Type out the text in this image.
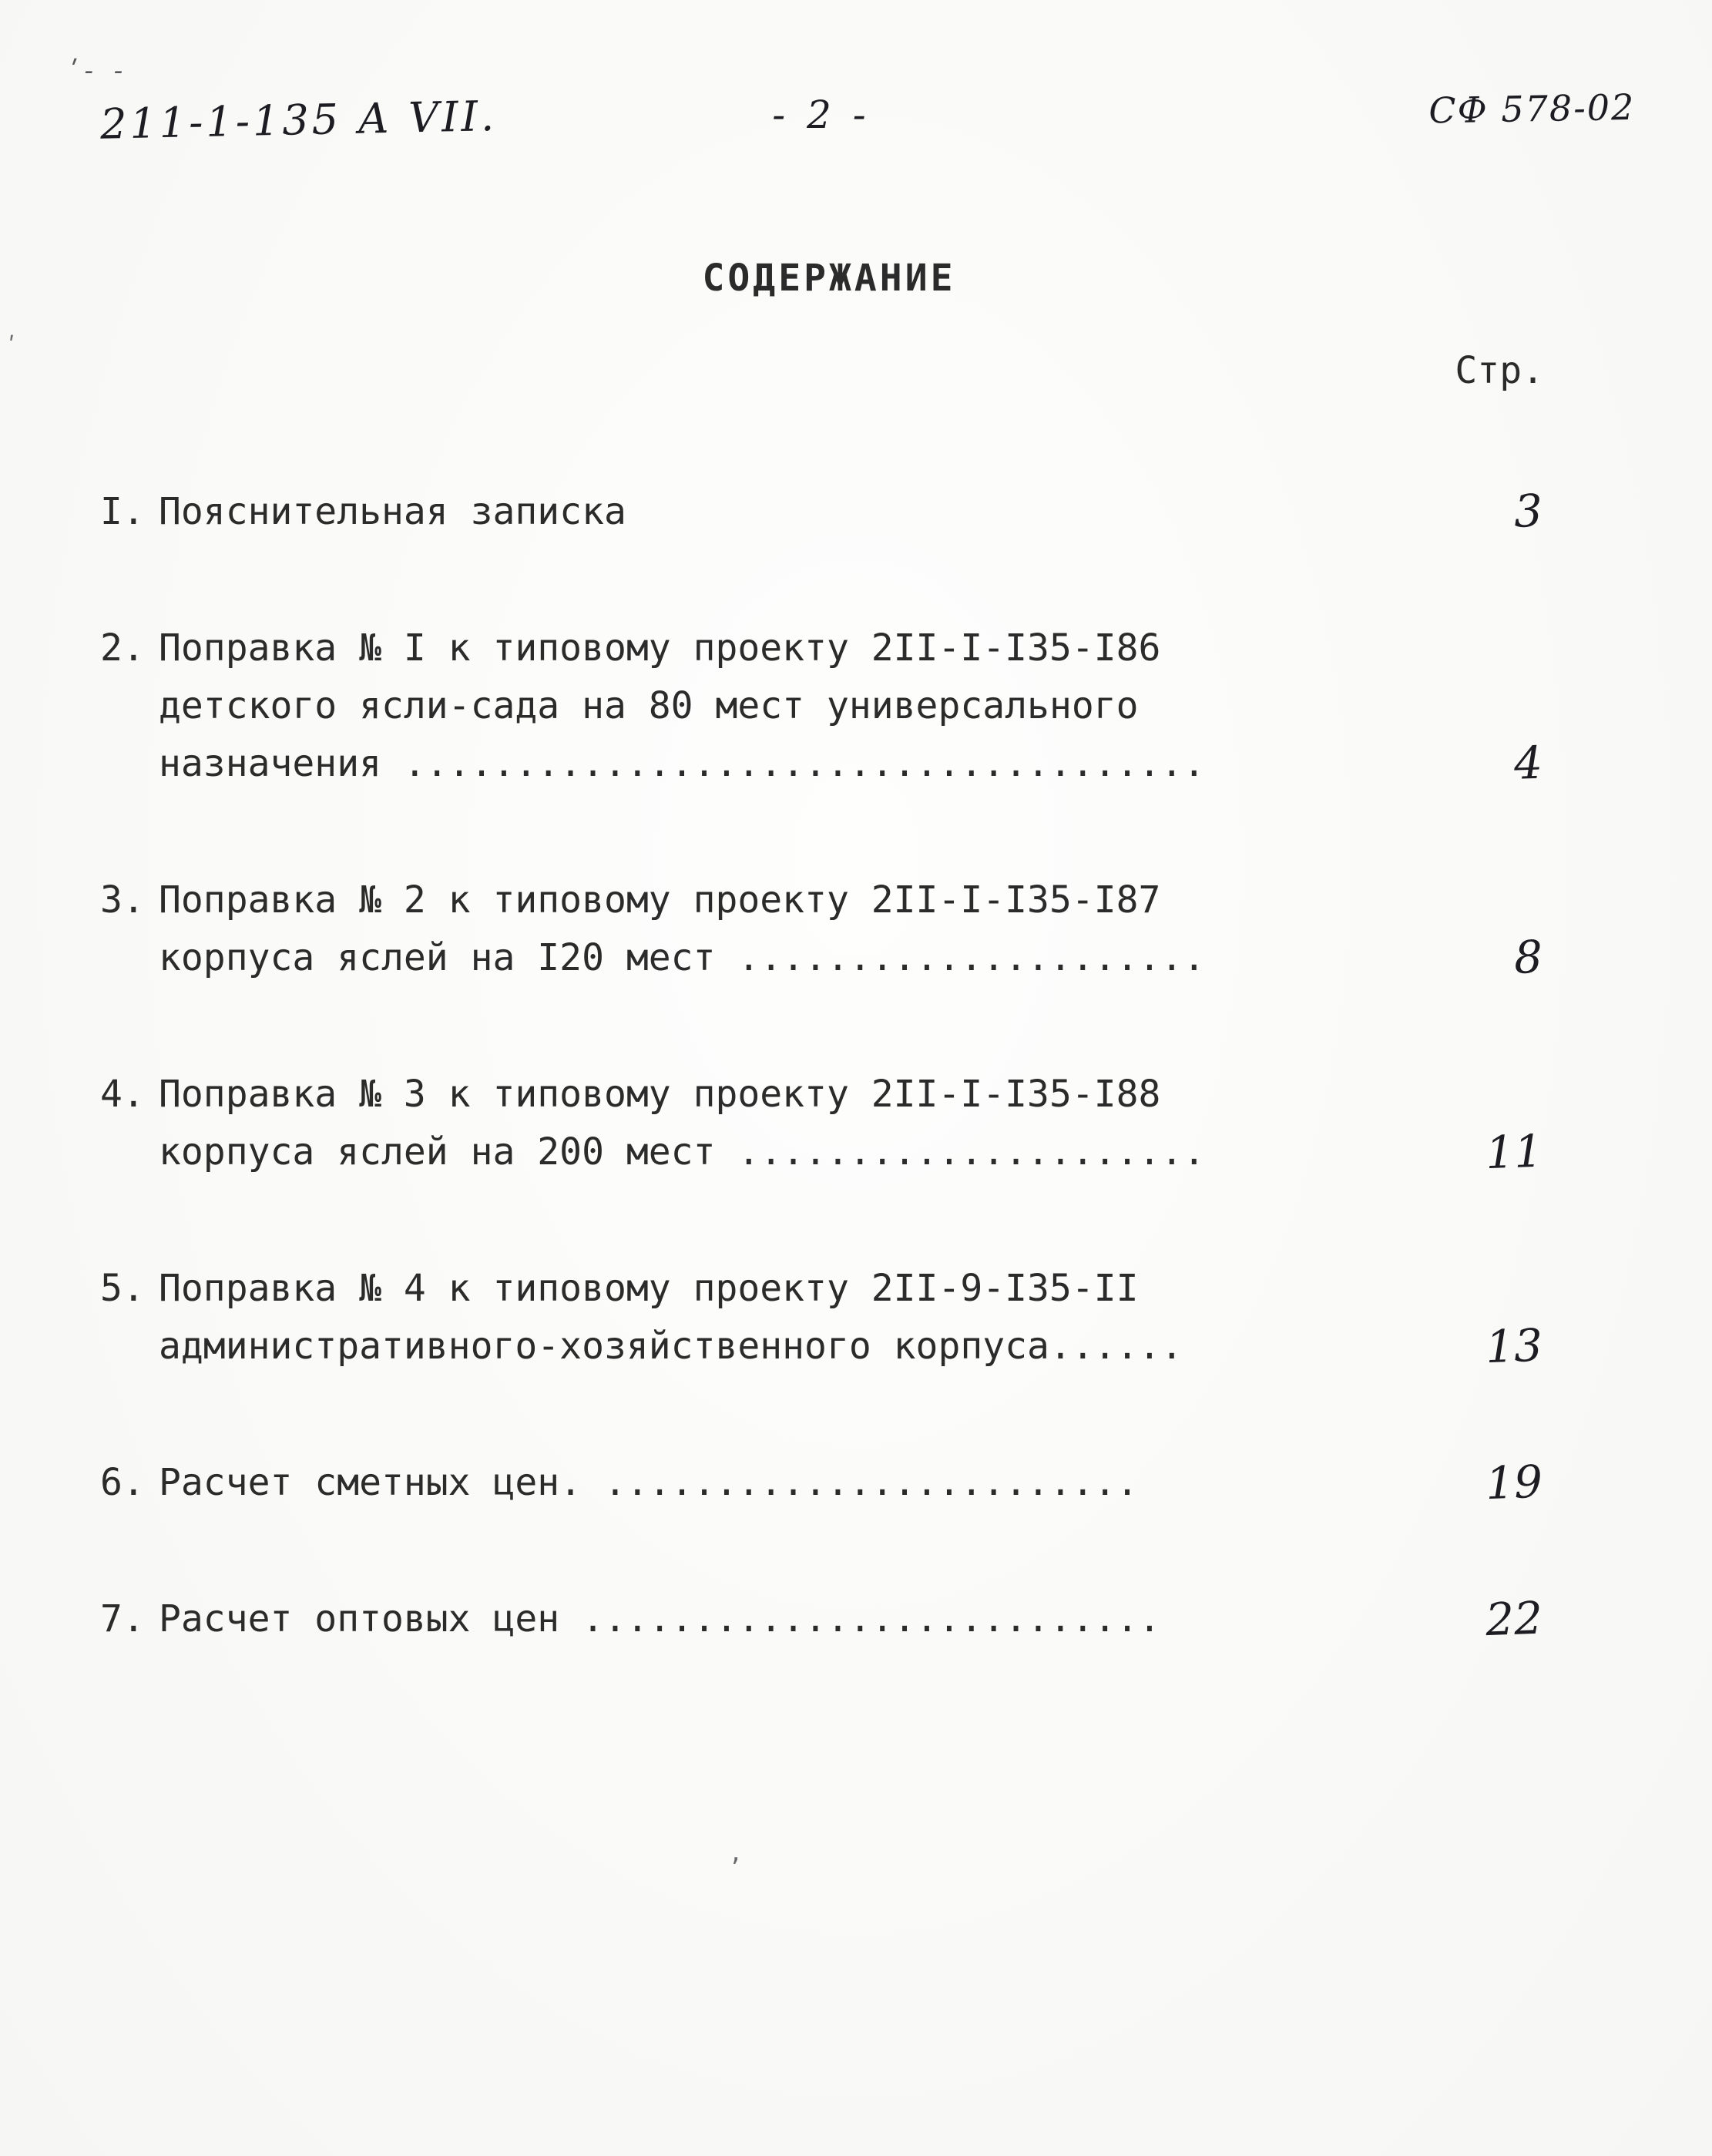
ʹ- -
ʹ
,
211-1-135 А VII.	- 2 -	СФ 578-02
СОДЕРЖАНИЕ
Стр.
I. Пояснительная записка	3
2. Поправка № I к типовому проекту 2II-I-I35-I86
детского ясли-сада на 80 мест универсального
назначения ....................................	4
3. Поправка № 2 к типовому проекту 2II-I-I35-I87
корпуса яслей на I20 мест .....................	8
4. Поправка № 3 к типовому проекту 2II-I-I35-I88
корпуса яслей на 200 мест .....................	11
5. Поправка № 4 к типовому проекту 2II-9-I35-II
административного-хозяйственного корпуса......	13
6. Расчет сметных цен. ........................	19
7. Расчет оптовых цен ..........................	22
